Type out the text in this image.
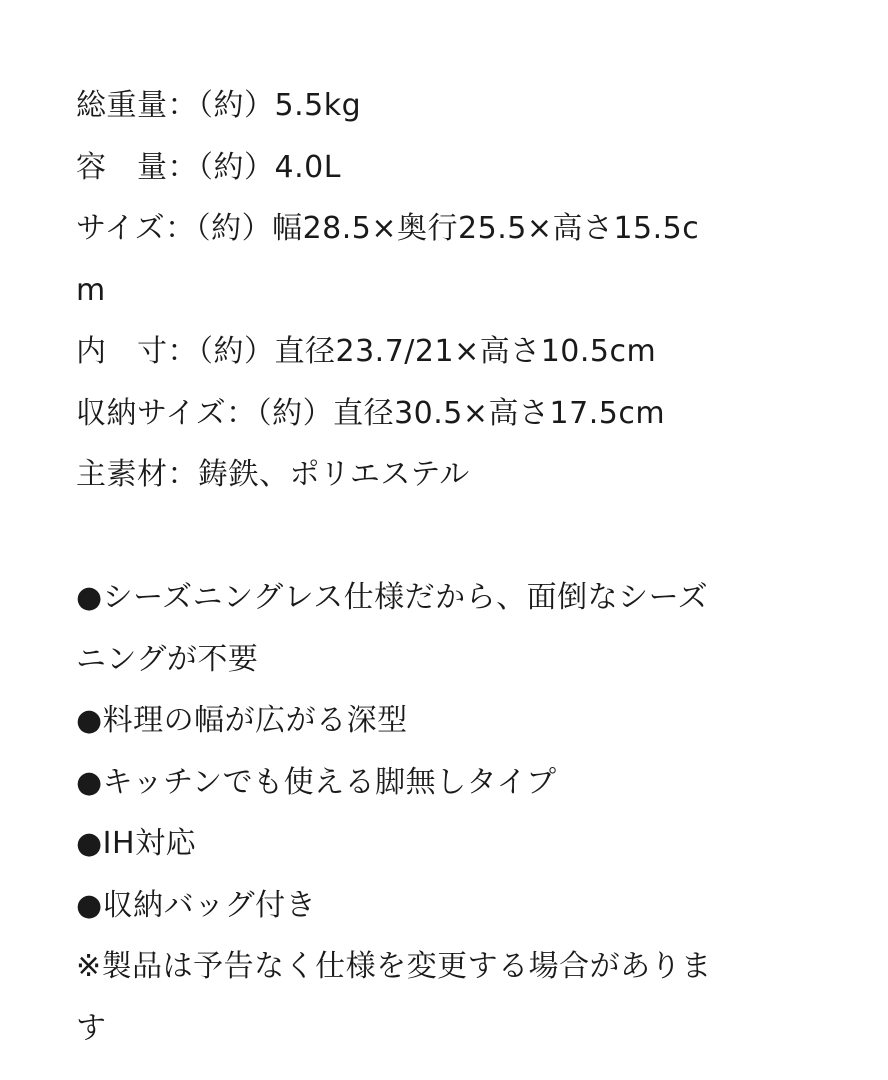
総重量：（約）5.5kg
容　量：（約）4.0L
サイズ：（約）幅28.5×奥行25.5×高さ15.5c
m
内　寸：（約）直径23.7/21×高さ10.5cm
収納サイズ：（約）直径30.5×高さ17.5cm
主素材：鋳鉄、ポリエステル
●シーズニングレス仕様だから、面倒なシーズ
ニングが不要
●料理の幅が広がる深型
●キッチンでも使える脚無しタイプ
●IH対応
●収納バッグ付き
※製品は予告なく仕様を変更する場合がありま
す
